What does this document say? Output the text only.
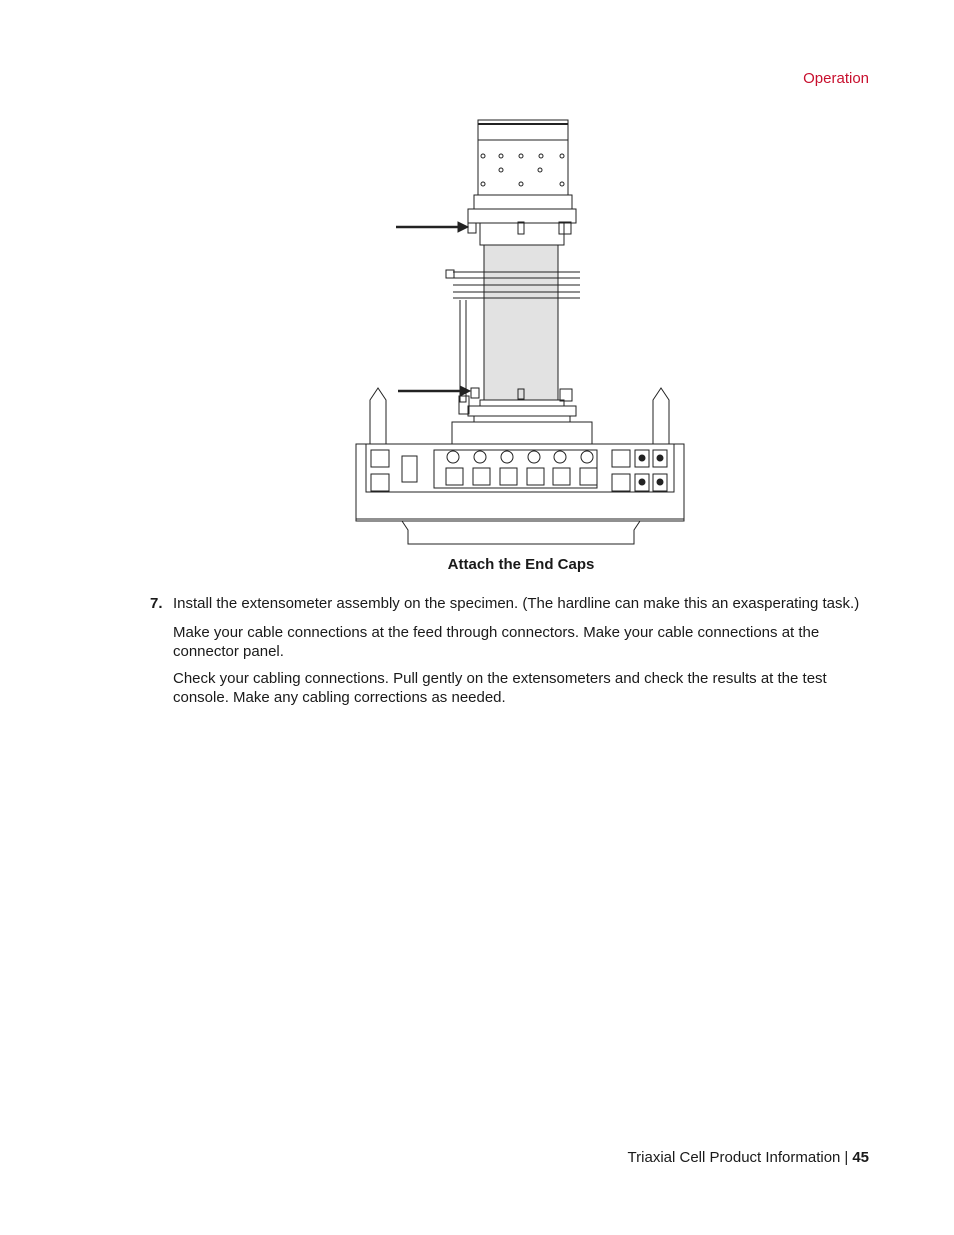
Operation
Attach the End Caps
7. Install the extensometer assembly on the specimen. (The hardline can make this an exasperating task.)
Make your cable connections at the feed through connectors. Make your cable connections at the connector panel.
Check your cabling connections. Pull gently on the extensometers and check the results at the test console. Make any cabling corrections as needed.
Triaxial Cell Product Information | 45
